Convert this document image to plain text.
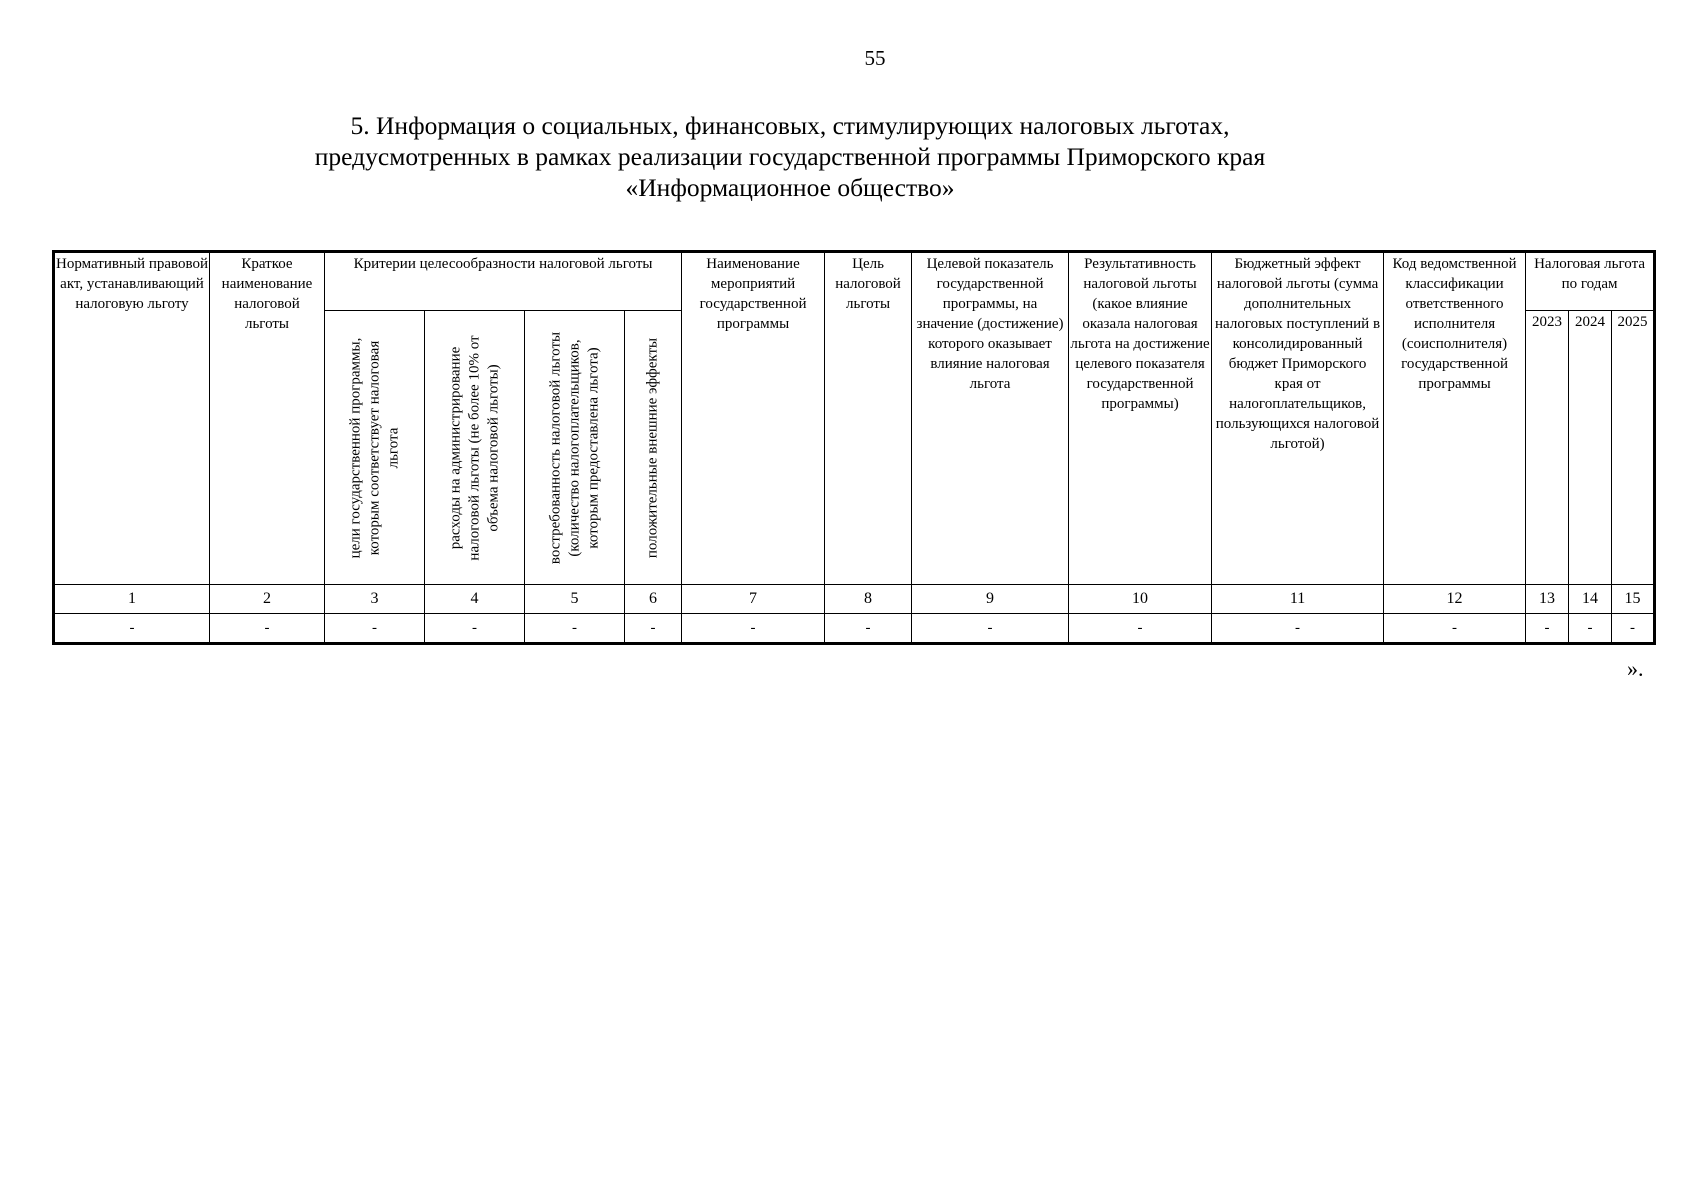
55
5. Информация о социальных, финансовых, стимулирующих налоговых льготах,
предусмотренных в рамках реализации государственной программы Приморского края
«Информационное общество»
Нормативный правовой акт, устанавливающий налоговую льготу	Краткое наименование налоговой льготы	Критерии целесообразности налоговой льготы				Наименование мероприятий государственной программы	Цель налоговой льготы	Целевой показатель государственной программы, на значение (достижение) которого оказывает влияние налоговая льгота	Результативность налоговой льготы (какое влияние оказала налоговая льгота на достижение целевого показателя государственной программы)	Бюджетный эффект налоговой льготы (сумма дополнительных налоговых поступлений в консолидированный бюджет Приморского края от налогоплательщиков, пользующихся налоговой льготой)	Код ведомственной классификации ответственного исполнителя (соисполнителя) государственной программы	Налоговая льгота по годам		

		цели государственной программы, которым соответствует налоговая льгота	расходы на администрирование налоговой льготы (не более 10% от объема налоговой льготы)	востребованность налоговой льготы (количество налогоплательщиков, которым предоставлена льгота)	положительные внешние эффекты							2023	2024	2025
1	2	3	4	5	6	7	8	9	10	11	12	13	14	15
-	-	-	-	-	-	-	-	-	-	-	-	-	-	-
».
